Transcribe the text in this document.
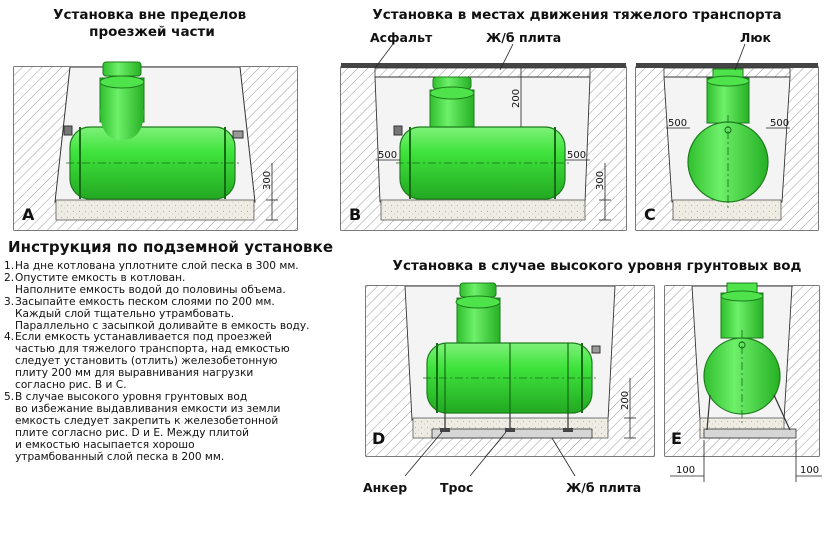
Установка вне пределов проезжей части
Установка в местах движения тяжелого транспорта
Установка в случае высокого уровня грунтовых вод
300
A
200
500	500
300
B
Асфальт	Ж/б плита
500	500
Люк
C
200
D
Анкер	Трос	Ж/б плита
E
100	100
Инструкция по подземной установке
1. На дне котлована уплотните слой песка в 300 мм.
2. Опустите емкость в котлован.
Наполните емкость водой до половины объема.
3. Засыпайте емкость песком слоями по 200 мм.
Каждый слой тщательно утрамбовать.
Параллельно с засыпкой доливайте в емкость воду.
4. Если емкость устанавливается под проезжей
частью для тяжелого транспорта, над емкостью
следует установить (отлить) железобетонную
плиту 200 мм для выравнивания нагрузки
согласно рис. B и C.
5. В случае высокого уровня грунтовых вод
во избежание выдавливания емкости из земли
емкость следует закрепить к железобетонной
плите согласно рис. D и E. Между плитой
и емкостью насыпается хорошо
утрамбованный слой песка в 200 мм.
